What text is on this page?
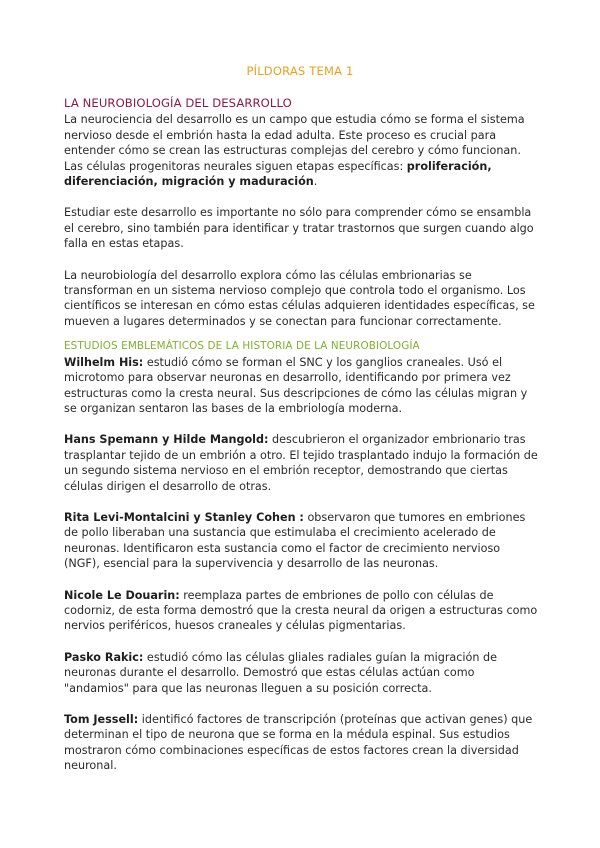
PÍLDORAS TEMA 1
LA NEUROBIOLOGÍA DEL DESARROLLO

La neurociencia del desarrollo es un campo que estudia cómo se forma el sistema nervioso desde el embrión hasta la edad adulta. Este proceso es crucial para entender cómo se crean las estructuras complejas del cerebro y cómo funcionan. Las células progenitoras neurales siguen etapas específicas: proliferación, diferenciación, migración y maduración.

Estudiar este desarrollo es importante no sólo para comprender cómo se ensambla el cerebro, sino también para identificar y tratar trastornos que surgen cuando algo falla en estas etapas.

La neurobiología del desarrollo explora cómo las células embrionarias se transforman en un sistema nervioso complejo que controla todo el organismo. Los científicos se interesan en cómo estas células adquieren identidades específicas, se mueven a lugares determinados y se conectan para funcionar correctamente.

ESTUDIOS EMBLEMÁTICOS DE LA HISTORIA DE LA NEUROBIOLOGÍA

Wilhelm His: estudió cómo se forman el SNC y los ganglios craneales. Usó el microtomo para observar neuronas en desarrollo, identificando por primera vez estructuras como la cresta neural. Sus descripciones de cómo las células migran y se organizan sentaron las bases de la embriología moderna.

Hans Spemann y Hilde Mangold: descubrieron el organizador embrionario tras trasplantar tejido de un embrión a otro. El tejido trasplantado indujo la formación de un segundo sistema nervioso en el embrión receptor, demostrando que ciertas células dirigen el desarrollo de otras.

Rita Levi-Montalcini y Stanley Cohen : observaron que tumores en embriones de pollo liberaban una sustancia que estimulaba el crecimiento acelerado de neuronas. Identificaron esta sustancia como el factor de crecimiento nervioso (NGF), esencial para la supervivencia y desarrollo de las neuronas.

Nicole Le Douarin: reemplaza partes de embriones de pollo con células de codorniz, de esta forma demostró que la cresta neural da origen a estructuras como nervios periféricos, huesos craneales y células pigmentarias.

Pasko Rakic: estudió cómo las células gliales radiales guían la migración de neuronas durante el desarrollo. Demostró que estas células actúan como "andamios" para que las neuronas lleguen a su posición correcta.

Tom Jessell: identificó factores de transcripción (proteínas que activan genes) que determinan el tipo de neurona que se forma en la médula espinal. Sus estudios mostraron cómo combinaciones específicas de estos factores crean la diversidad neuronal.
